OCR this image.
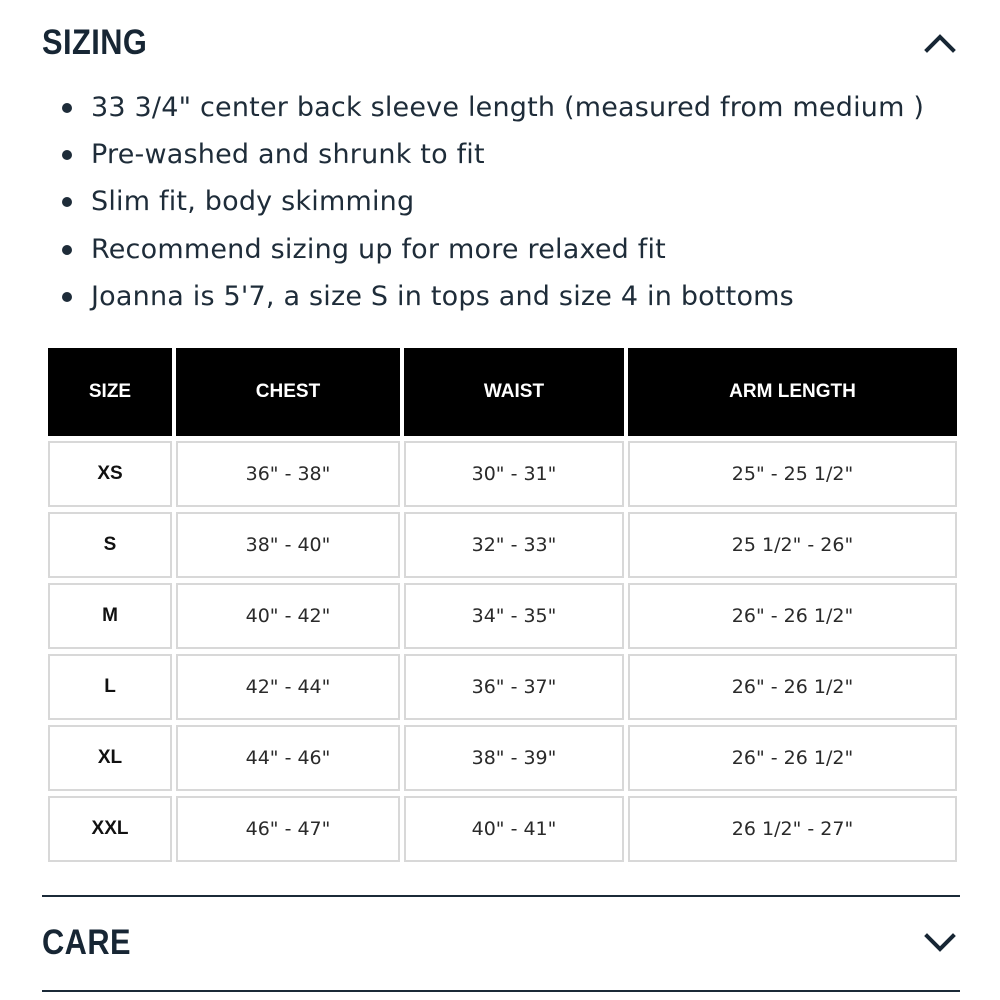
SIZING
33 3/4" center back sleeve length (measured from medium )
Pre-washed and shrunk to fit
Slim fit, body skimming
Recommend sizing up for more relaxed fit
Joanna is 5'7, a size S in tops and size 4 in bottoms
SIZE	CHEST	WAIST	ARM LENGTH
XS	36" - 38"	30" - 31"	25" - 25 1/2"
S	38" - 40"	32" - 33"	25 1/2" - 26"
M	40" - 42"	34" - 35"	26" - 26 1/2"
L	42" - 44"	36" - 37"	26" - 26 1/2"
XL	44" - 46"	38" - 39"	26" - 26 1/2"
XXL	46" - 47"	40" - 41"	26 1/2" - 27"
CARE
